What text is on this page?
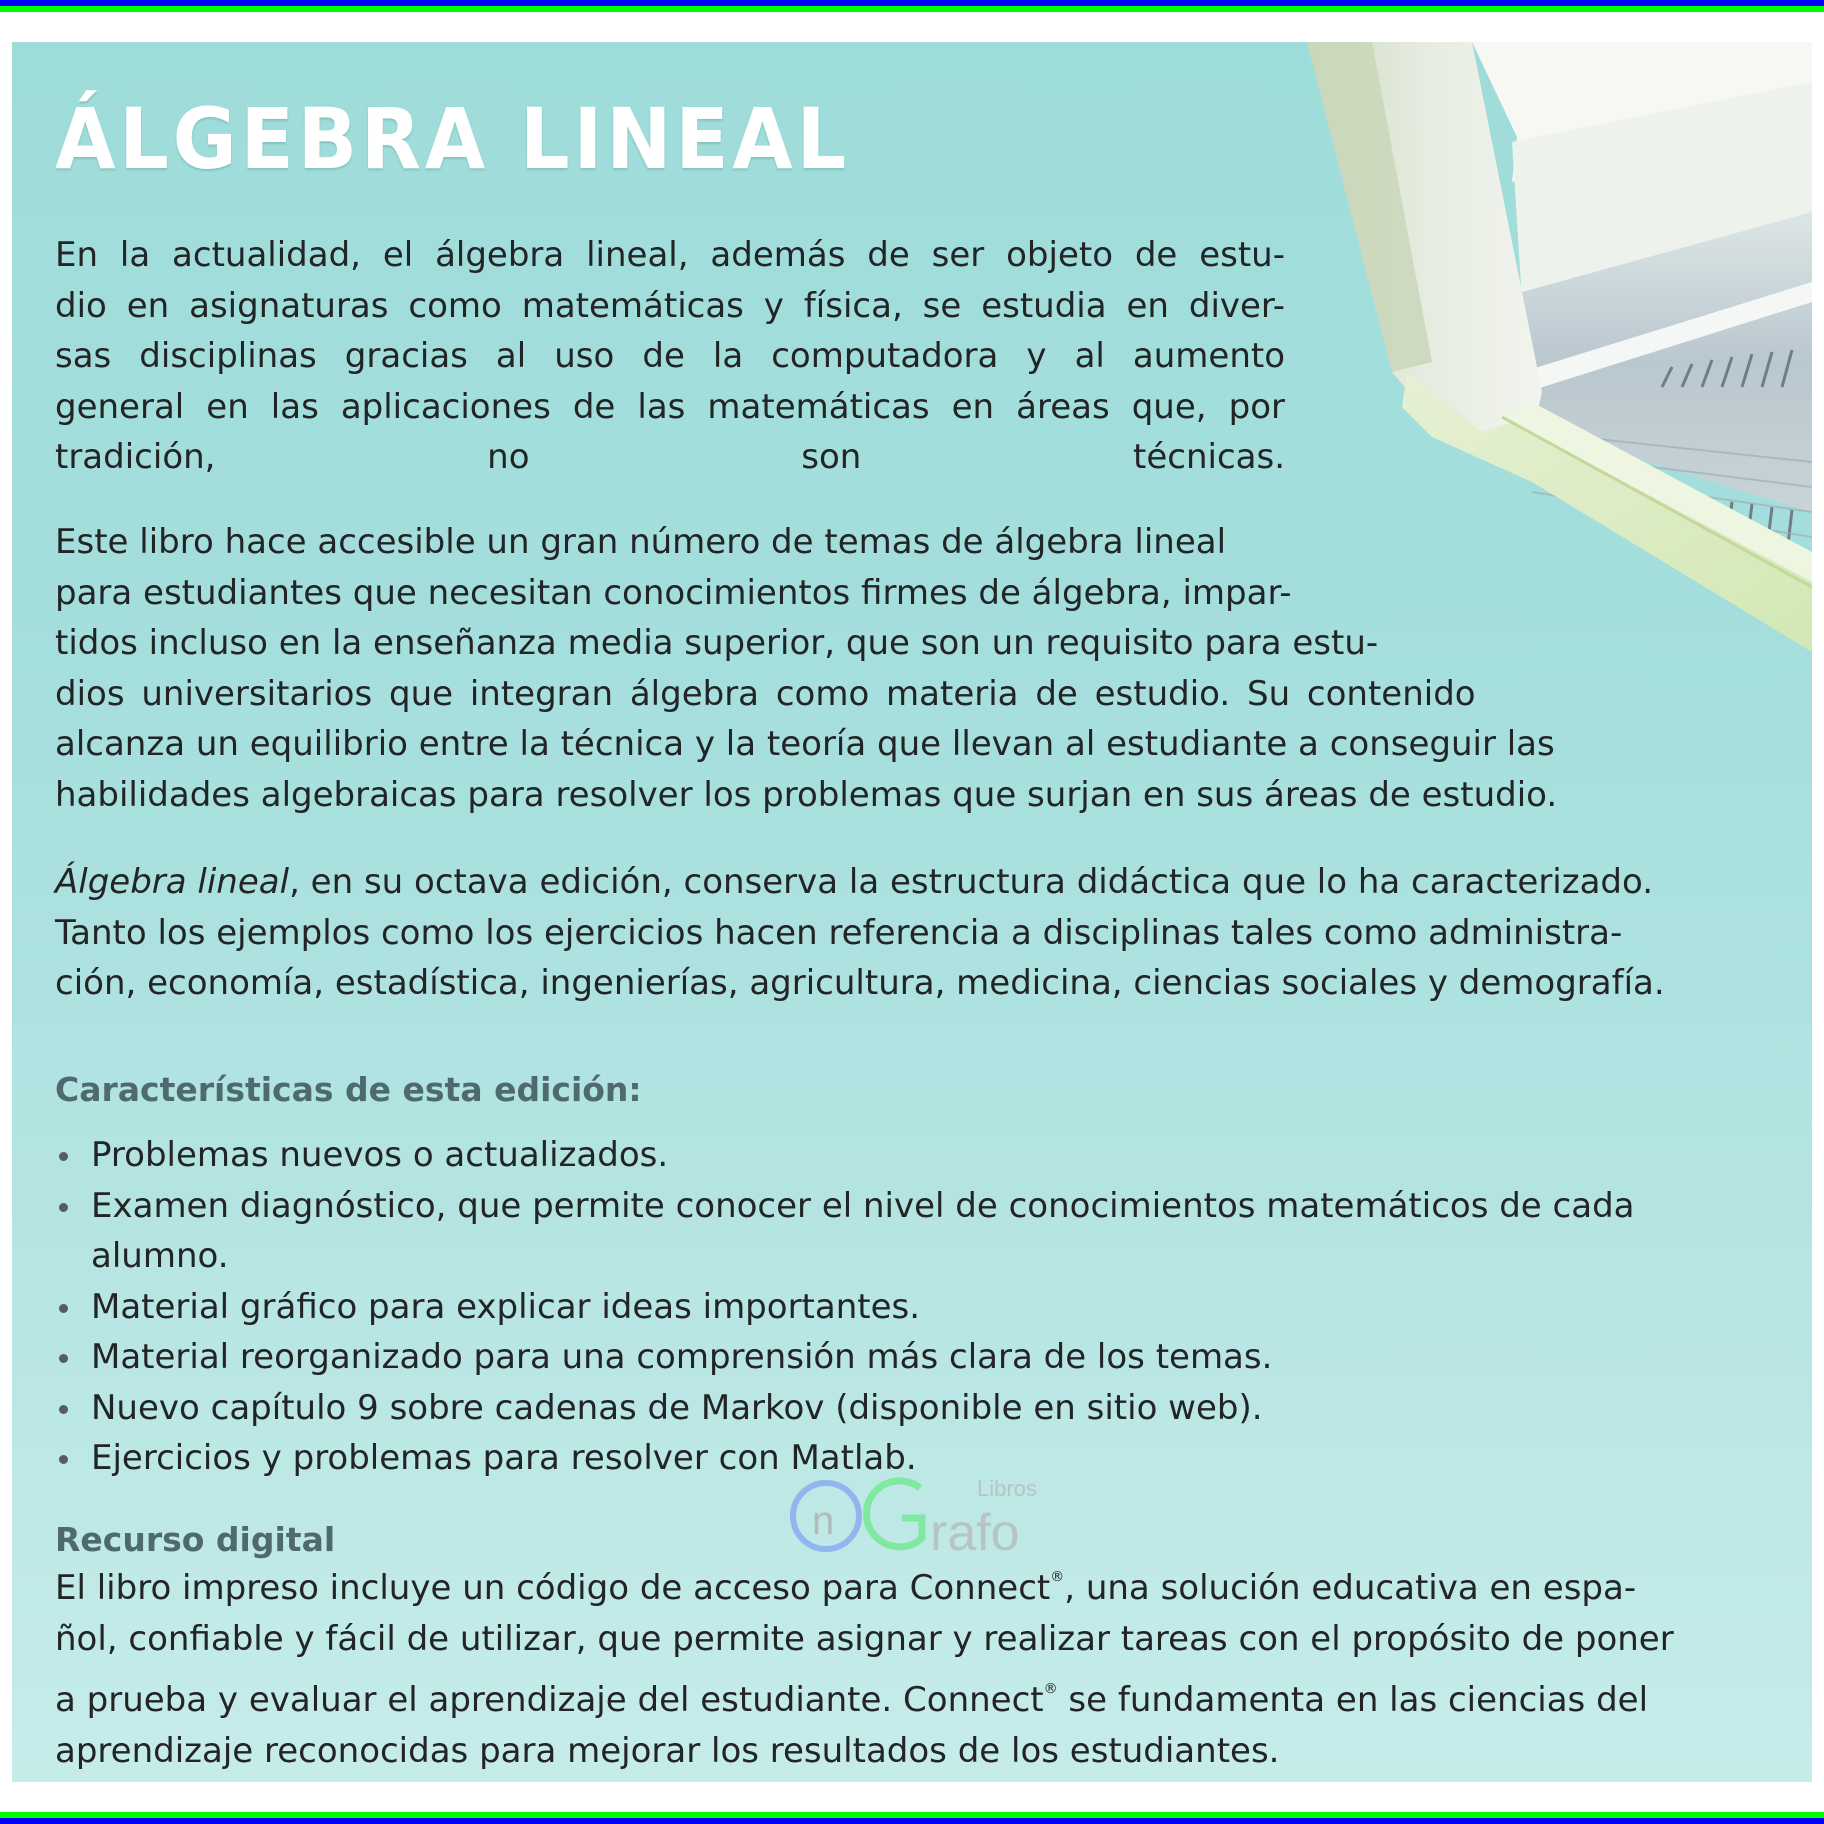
ÁLGEBRA LINEAL
En la actualidad, el álgebra lineal, además de ser objeto de estu-
dio en asignaturas como matemáticas y física, se estudia en diver-
sas disciplinas gracias al uso de la computadora y al aumento
general en las aplicaciones de las matemáticas en áreas que, por
tradición, no son técnicas.
Este libro hace accesible un gran número de temas de álgebra lineal
para estudiantes que necesitan conocimientos firmes de álgebra, impar-
tidos incluso en la enseñanza media superior, que son un requisito para estu-
dios universitarios que integran álgebra como materia de estudio. Su contenido
alcanza un equilibrio entre la técnica y la teoría que llevan al estudiante a conseguir las
habilidades algebraicas para resolver los problemas que surjan en sus áreas de estudio.
Álgebra lineal, en su octava edición, conserva la estructura didáctica que lo ha caracterizado.
Tanto los ejemplos como los ejercicios hacen referencia a disciplinas tales como administra-
ción, economía, estadística, ingenierías, agricultura, medicina, ciencias sociales y demografía.
Características de esta edición:
Problemas nuevos o actualizados.
Examen diagnóstico, que permite conocer el nivel de conocimientos matemáticos de cada alumno.
Material gráfico para explicar ideas importantes.
Material reorganizado para una comprensión más clara de los temas.
Nuevo capítulo 9 sobre cadenas de Markov (disponible en sitio web).
Ejercicios y problemas para resolver con Matlab.
Recurso digital
El libro impreso incluye un código de acceso para Connect®, una solución educativa en espa-
ñol, confiable y fácil de utilizar, que permite asignar y realizar tareas con el propósito de poner
a prueba y evaluar el aprendizaje del estudiante. Connect® se fundamenta en las ciencias del
aprendizaje reconocidas para mejorar los resultados de los estudiantes.
n rafo
Libros
